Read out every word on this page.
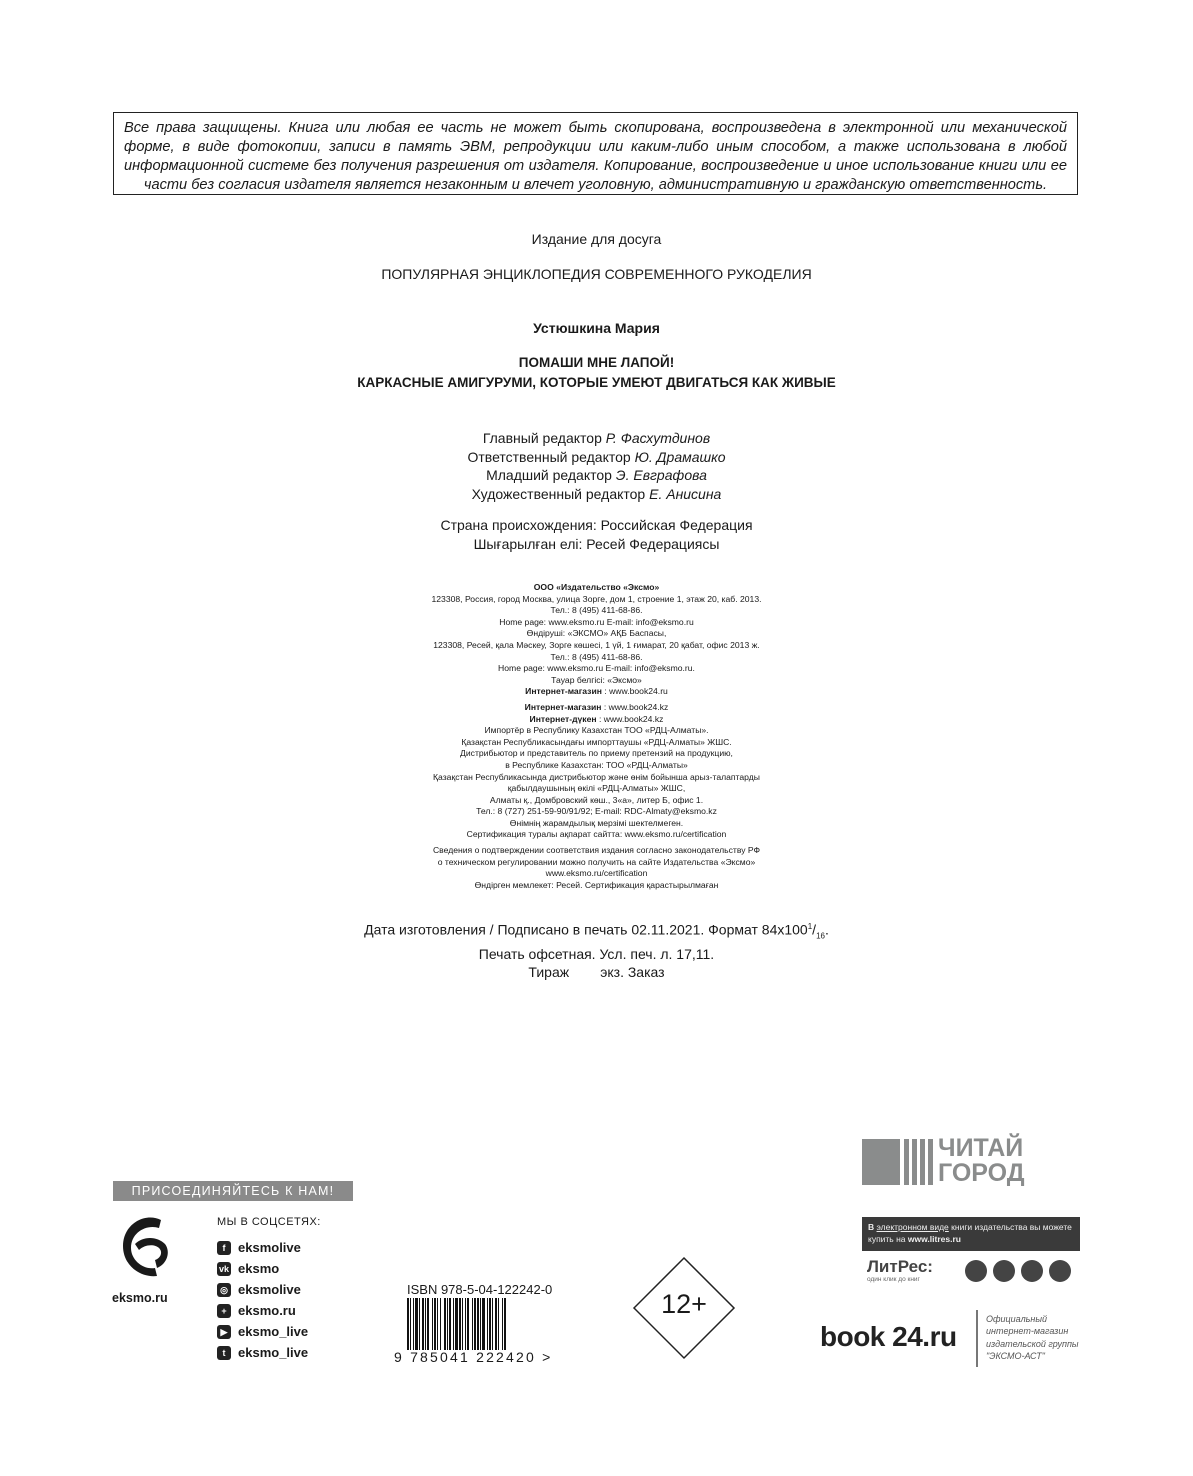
Все права защищены. Книга или любая ее часть не может быть скопирована, воспроизведена в электронной или механической форме, в виде фотокопии, записи в память ЭВМ, репродукции или каким-либо иным способом, а также использована в любой информационной системе без получения разрешения от издателя. Копирование, воспроизведение и иное использование книги или ее части без согласия издателя является незаконным и влечет уголовную, административную и гражданскую ответственность.

Издание для досуга
ПОПУЛЯРНАЯ ЭНЦИКЛОПЕДИЯ СОВРЕМЕННОГО РУКОДЕЛИЯ
Устюшкина Мария
ПОМАШИ МНЕ ЛАПОЙ!
КАРКАСНЫЕ АМИГУРУМИ, КОТОРЫЕ УМЕЮТ ДВИГАТЬСЯ КАК ЖИВЫЕ
Главный редактор Р. Фасхутдинов
Ответственный редактор Ю. Драмашко
Младший редактор Э. Евграфова
Художественный редактор Е. Анисина
Страна происхождения: Российская Федерация
Шығарылған елі: Ресей Федерациясы
ООО «Издательство «Эксмо»
123308, Россия, город Москва, улица Зорге, дом 1, строение 1, этаж 20, каб. 2013.
Тел.: 8 (495) 411-68-86.
Home page: www.eksmo.ru E-mail: info@eksmo.ru
Өндіруші: «ЭКСМО» АҚБ Баспасы,
123308, Ресей, қала Мәскеу, Зорге көшесі, 1 үй, 1 ғимарат, 20 қабат, офис 2013 ж.
Тел.: 8 (495) 411-68-86.
Home page: www.eksmo.ru E-mail: info@eksmo.ru.
Тауар белгісі: «Эксмо»
Интернет-магазин : www.book24.ru
Интернет-магазин : www.book24.kz
Интернет-дүкен : www.book24.kz
Импортёр в Республику Казахстан ТОО «РДЦ-Алматы».
Қазақстан Республикасындағы импорттаушы «РДЦ-Алматы» ЖШС.
Дистрибьютор и представитель по приему претензий на продукцию,
в Республике Казахстан: ТОО «РДЦ-Алматы»
Қазақстан Республикасында дистрибьютор және өнім бойынша арыз-талаптарды
қабылдаушының өкілі «РДЦ-Алматы» ЖШС,
Алматы қ., Домбровский көш., 3«а», литер Б, офис 1.
Тел.: 8 (727) 251-59-90/91/92; E-mail: RDC-Almaty@eksmo.kz
Өнімнің жарамдылық мерзімі шектелмеген.
Сертификация туралы ақпарат сайтта: www.eksmo.ru/certification
Сведения о подтверждении соответствия издания согласно законодательству РФ
о техническом регулировании можно получить на сайте Издательства «Эксмо»
www.eksmo.ru/certification
Өндірген мемлекет: Ресей. Сертификация қарастырылмаған
Дата изготовления / Подписано в печать 02.11.2021. Формат $84x100^1/_{16}$.
Печать офсетная. Усл. печ. л. 17,11.
Тираж        экз. Заказ
ПРИСОЕДИНЯЙТЕСЬ К НАМ!
eksmo.ru
МЫ В СОЦСЕТЯХ:
f eksmolive
vk eksmo
◎ eksmolive
+ eksmo.ru
▶ eksmo_live
t eksmo_live
ISBN 978-5-04-122242-0
9 785041 222420 >
12+
ЧИТАЙ
ГОРОД
В электронном виде книги издательства вы можете купить на www.litres.ru
ЛитРес:
один клик до книг
book 24.ru
Официальный
интернет-магазин
издательской группы
"ЭКСМО-АСТ"
